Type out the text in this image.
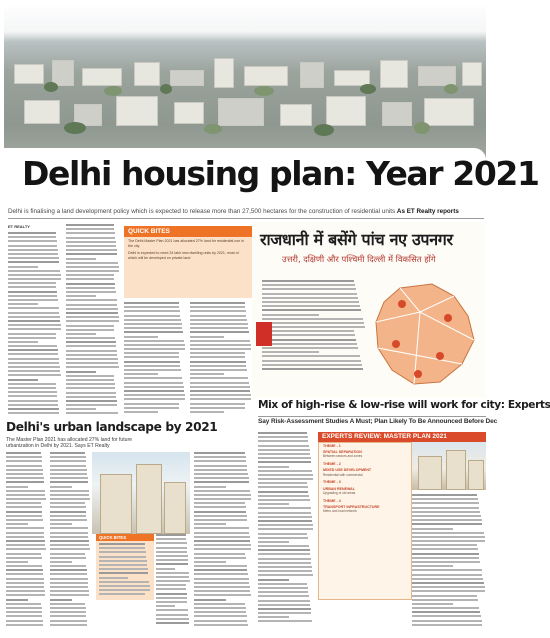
Delhi housing plan: Year 2021
Delhi is finalising a land development policy which is expected to release more than 27,500 hectares for the construction of residential units As ET Realty reports
ET REALTY
QUICK BITES

The Delhi Master Plan 2021 has allocated 27% land for residential use in the city

Delhi is expected to need 24 lakh new dwelling units by 2021, most of which will be developed on private land

राजधानी में बसेंगे पांच नए उपनगर
उत्तरी, दक्षिणी और पश्चिमी दिल्ली में विकसित होंगे
Mix of high-rise & low-rise will work for city: Experts
Delhi's urban landscape by 2021
The Master Plan 2021 has allocated 27% land for future urbanization in Delhi by 2021. Says ET Realty
QUICK BITES
Say Risk-Assessment Studies A Must; Plan Likely To Be Announced Before Dec
EXPERTS REVIEW: MASTER PLAN 2021
THEME - 1
SPATIAL SEPARATION
Between sectors and zones
THEME - 2
MIXED USE DEVELOPMENT
Residential with commercial
THEME - 3
URBAN RENEWAL
Upgrading of old areas
THEME - 4
TRANSPORT INFRASTRUCTURE
Metro and road network
